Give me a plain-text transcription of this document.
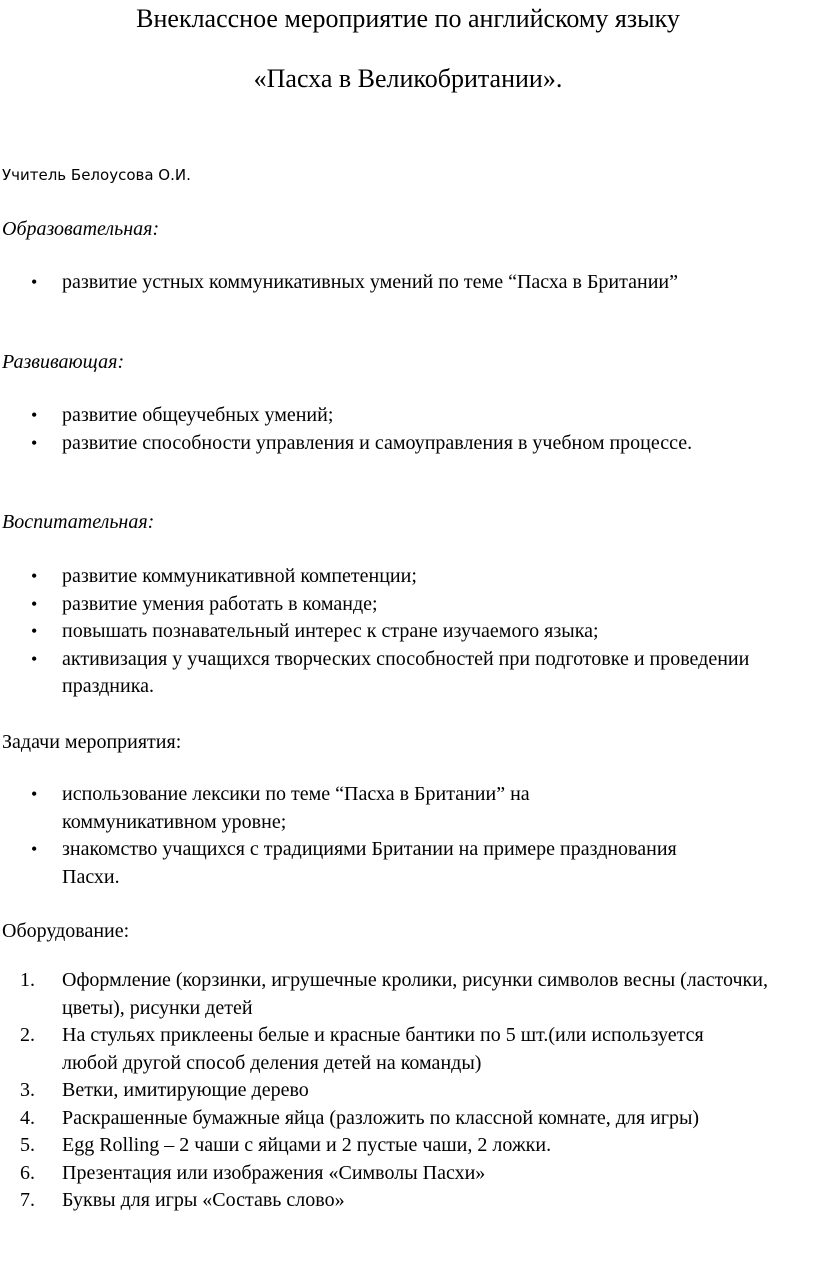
Внеклассное мероприятие по английскому языку

«Пасха в Великобритании».

Учитель Белоусова О.И.
Образовательная:
• развитие устных коммуникативных умений по теме “Пасха в Британии”
Развивающая:
• развитие общеучебных умений;
• развитие способности управления и самоуправления в учебном процессе.
Воспитательная:
• развитие коммуникативной компетенции;
• развитие умения работать в команде;
• повышать познавательный интерес к стране изучаемого языка;
• активизация у учащихся творческих способностей при подготовке и проведении праздника.
Задачи мероприятия:
• использование лексики по теме “Пасха в Британии” на коммуникативном уровне;
• знакомство учащихся с традициями Британии на примере празднования Пасхи.
Оборудование:
1.	Оформление (корзинки, игрушечные кролики, рисунки символов весны (ласточки, цветы), рисунки детей
2.	На стульях приклеены белые и красные бантики по 5 шт.(или используется любой другой способ деления детей на команды)
3.	Ветки, имитирующие дерево
4.	Раскрашенные бумажные яйца (разложить по классной комнате, для игры)
5.	Egg Rolling – 2 чаши с яйцами и 2 пустые чаши, 2 ложки.
6.	Презентация или изображения «Символы Пасхи»
7.	Буквы для игры «Составь слово»
